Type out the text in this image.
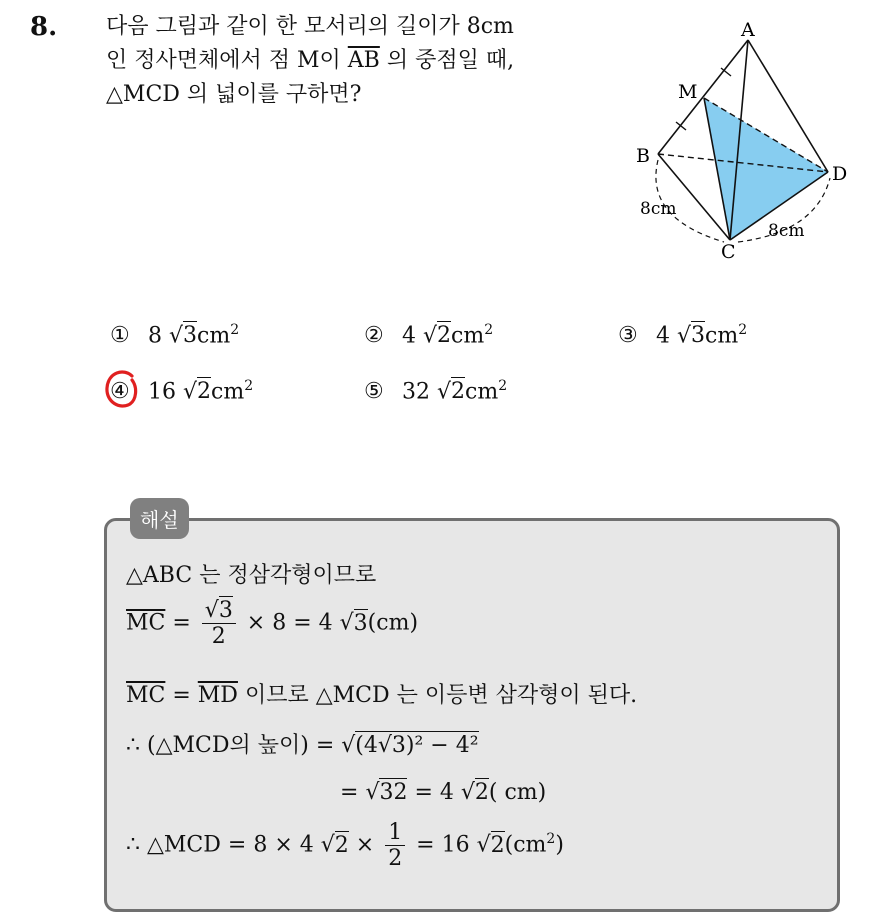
8. 다음 그림과 같이 한 모서리의 길이가 8cm
인 정사면체에서 점 M이 $\overline{AB}$ 의 중점일 때,
△MCD 의 넓이를 구하면?
A
M
B
D
C
8cm
8cm
① 8 $√3cm^2$	② 4 $√2cm^2$	③ 4 $√3cm^2$
④ 16 $√2cm^2$	⑤ 32 $√2cm^2$
해설
△ABC 는 정삼각형이므로
$\overline{MC} = \frac{√3}{2} \times 8 = 4$ √3(cm)
$\overline{MC} = \overline{MD}$ 이므로 △MCD 는 이등변 삼각형이 된다.
∴ (△MCD의 높이) = √(4√3)² − 4²
= √32 = 4 √2( cm)
∴ △MCD = 8 × 4 $√2 \times \frac{1}{2} = 16$ $√2(cm^2)$
